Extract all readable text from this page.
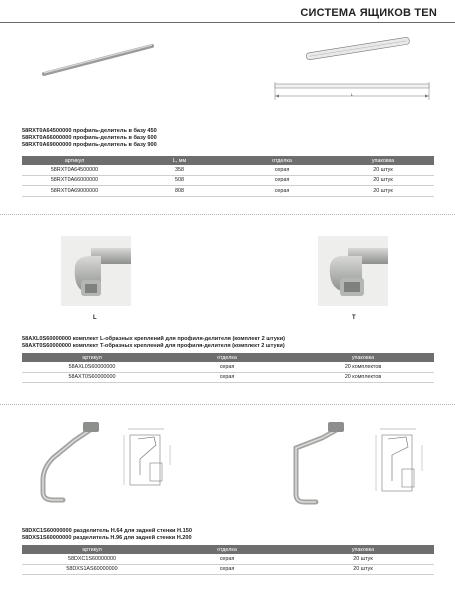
СИСТЕМА ЯЩИКОВ TEN
L
58RXT0A64500000 профиль-делитель в базу 450
58RXT0A66000000 профиль-делитель в базу 600
58RXT0A69000000 профиль-делитель в базу 900
артикул	L, мм	отделка	упаковка
58RXT0A64500000	358	серая	20 штук
58RXT0A66000000	508	серая	20 штук
58RXT0A69000000	808	серая	20 штук
L	T
58AXL0S60000000 комплект L-образных креплений для профиля-делителя (комплект 2 штуки)
58AXT0S60000000 комплект T-образных креплений для профиля-делителя (комплект 2 штуки)
артикул	отделка	упаковка
58AXL0S60000000	серая	20 комплектов
58AXT0S60000000	серая	20 комплектов
58DXC1S60000000 разделитель H.64 для задней стенки H.150
58DXS1S60000000 разделитель H.96 для задней стенки H.200
артикул	отделка	упаковка
58DXC1S60000000	серая	20 штук
58DXS1AS60000000	серая	20 штук
